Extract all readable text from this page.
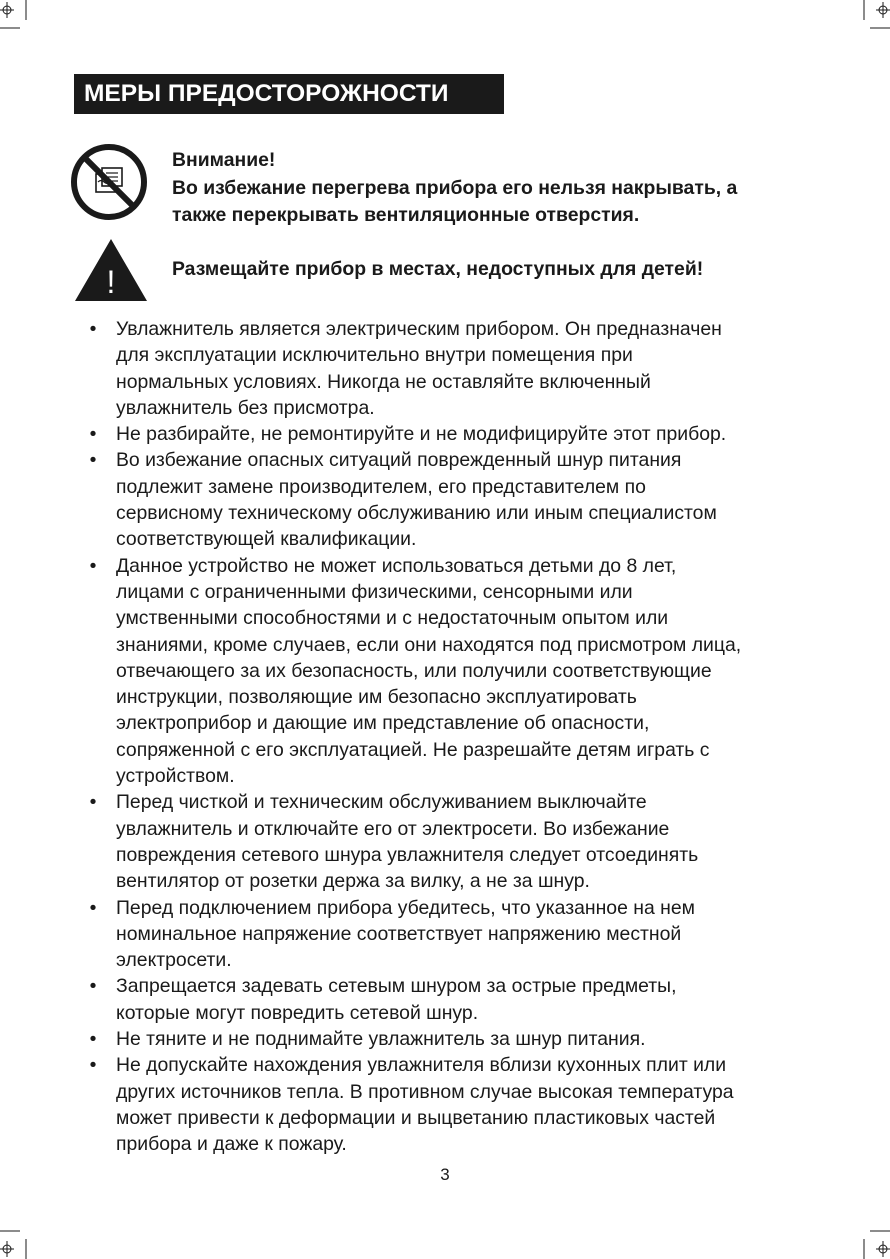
МЕРЫ ПРЕДОСТОРОЖНОСТИ
Внимание!
Во избежание перегрева прибора его нельзя накрывать, а
также перекрывать вентиляционные отверстия.
!	Размещайте прибор в местах, недоступных для детей!
• Увлажнитель является электрическим прибором. Он предназначен
для эксплуатации исключительно внутри помещения при
нормальных условиях. Никогда не оставляйте включенный
увлажнитель без присмотра.
• Не разбирайте, не ремонтируйте и не модифицируйте этот прибор.
• Во избежание опасных ситуаций поврежденный шнур питания
подлежит замене производителем, его представителем по
сервисному техническому обслуживанию или иным специалистом
соответствующей квалификации.
• Данное устройство не может использоваться детьми до 8 лет,
лицами с ограниченными физическими, сенсорными или
умственными способностями и с недостаточным опытом или
знаниями, кроме случаев, если они находятся под присмотром лица,
отвечающего за их безопасность, или получили соответствующие
инструкции, позволяющие им безопасно эксплуатировать
электроприбор и дающие им представление об опасности,
сопряженной с его эксплуатацией. Не разрешайте детям играть с
устройством.
• Перед чисткой и техническим обслуживанием выключайте
увлажнитель и отключайте его от электросети. Во избежание
повреждения сетевого шнура увлажнителя следует отсоединять
вентилятор от розетки держа за вилку, а не за шнур.
• Перед подключением прибора убедитесь, что указанное на нем
номинальное напряжение соответствует напряжению местной
электросети.
• Запрещается задевать сетевым шнуром за острые предметы,
которые могут повредить сетевой шнур.
• Не тяните и не поднимайте увлажнитель за шнур питания.
• Не допускайте нахождения увлажнителя вблизи кухонных плит или
других источников тепла. В противном случае высокая температура
может привести к деформации и выцветанию пластиковых частей
прибора и даже к пожару.
3
